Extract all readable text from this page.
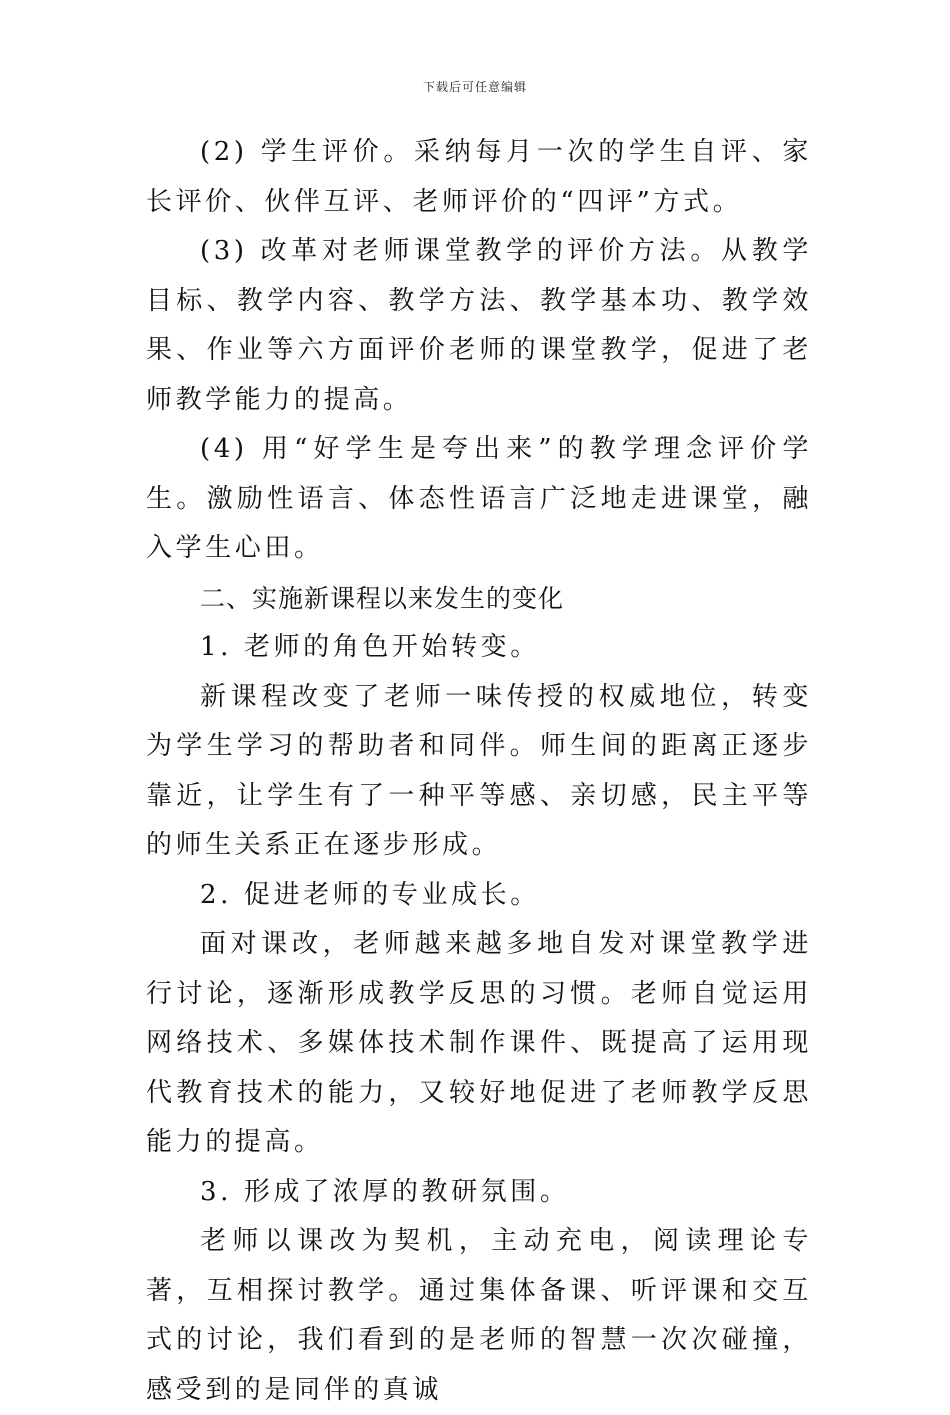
下载后可任意编辑

(2) 学生评价。采纳每月一次的学生自评、家长评价、伙伴互评、老师评价的“四评”方式。

(3) 改革对老师课堂教学的评价方法。从教学目标、教学内容、教学方法、教学基本功、教学效果、作业等六方面评价老师的课堂教学，促进了老师教学能力的提高。

(4) 用“好学生是夸出来”的教学理念评价学生。激励性语言、体态性语言广泛地走进课堂，融入学生心田。

二、实施新课程以来发生的变化

1. 老师的角色开始转变。

新课程改变了老师一味传授的权威地位，转变为学生学习的帮助者和同伴。师生间的距离正逐步靠近，让学生有了一种平等感、亲切感，民主平等的师生关系正在逐步形成。

2. 促进老师的专业成长。

面对课改，老师越来越多地自发对课堂教学进行讨论，逐渐形成教学反思的习惯。老师自觉运用网络技术、多媒体技术制作课件、既提高了运用现代教育技术的能力，又较好地促进了老师教学反思能力的提高。

3. 形成了浓厚的教研氛围。

老师以课改为契机，主动充电，阅读理论专著，互相探讨教学。通过集体备课、听评课和交互式的讨论，我们看到的是老师的智慧一次次碰撞，感受到的是同伴的真诚
